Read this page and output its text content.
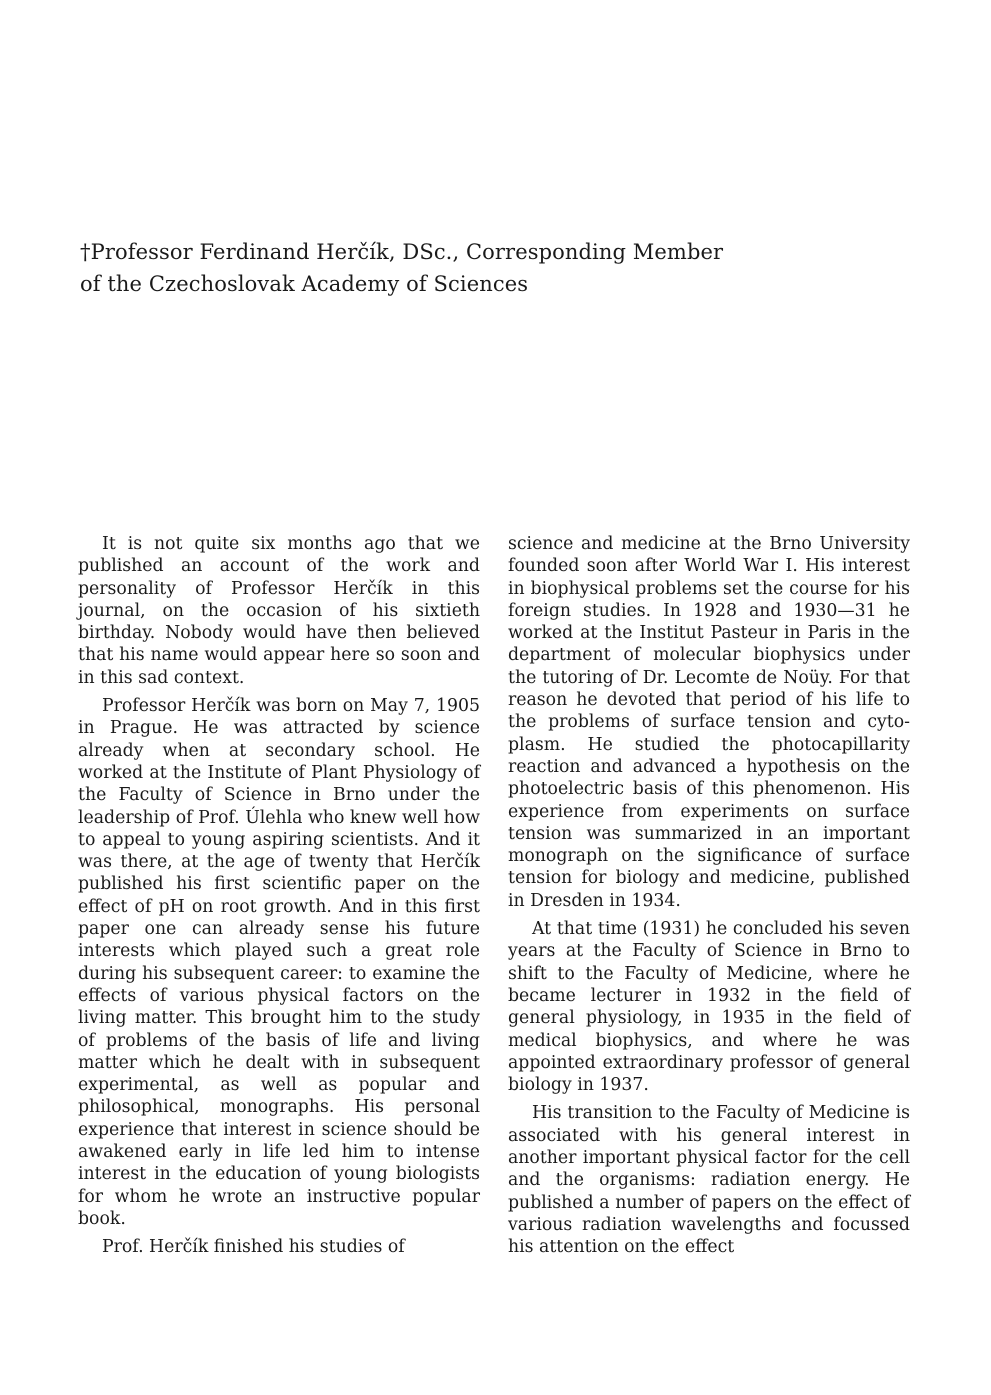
†Professor Ferdinand Herčík, DSc., Corresponding Member
of the Czechoslovak Academy of Sciences

It is not quite six months ago that we published an account of the work and personality of Professor Herčík in this journal, on the occasion of his sixtieth birthday. Nobody would have then believed that his name would appear here so soon and in this sad context.

Professor Herčík was born on May 7, 1905 in Prague. He was attracted by science already when at secondary school. He worked at the Institute of Plant Physiology of the Faculty of Science in Brno under the leadership of Prof. Úlehla who knew well how to appeal to young aspiring scientists. And it was there, at the age of twenty that Herčík published his first scientific paper on the effect of pH on root growth. And in this first paper one can already sense his future interests which played such a great role during his subsequent career: to examine the effects of various physical factors on the living matter. This brought him to the study of problems of the basis of life and living matter which he dealt with in subsequent experimental, as well as popular and philosophical, monographs. His personal experience that interest in science should be awakened early in life led him to intense interest in the education of young biologists for whom he wrote an instructive popular book.

Prof. Herčík finished his studies of

science and medicine at the Brno University founded soon after World War I. His interest in biophysical problems set the course for his foreign studies. In 1928 and 1930—31 he worked at the Institut Pasteur in Paris in the department of molecular biophysics under the tutoring of Dr. Lecomte de Noüy. For that reason he devoted that period of his life to the problems of surface tension and cytoplasm. He studied the photocapillarity reaction and advanced a hypothesis on the photoelectric basis of this phenomenon. His experience from experiments on surface tension was summarized in an important monograph on the significance of surface tension for biology and medicine, published in Dresden in 1934.

At that time (1931) he concluded his seven years at the Faculty of Science in Brno to shift to the Faculty of Medicine, where he became lecturer in 1932 in the field of general physiology, in 1935 in the field of medical biophysics, and where he was appointed extraordinary professor of general biology in 1937.

His transition to the Faculty of Medicine is associated with his general interest in another important physical factor for the cell and the organisms: radiation energy. He published a number of papers on the effect of various radiation wavelengths and focussed his attention on the effect
